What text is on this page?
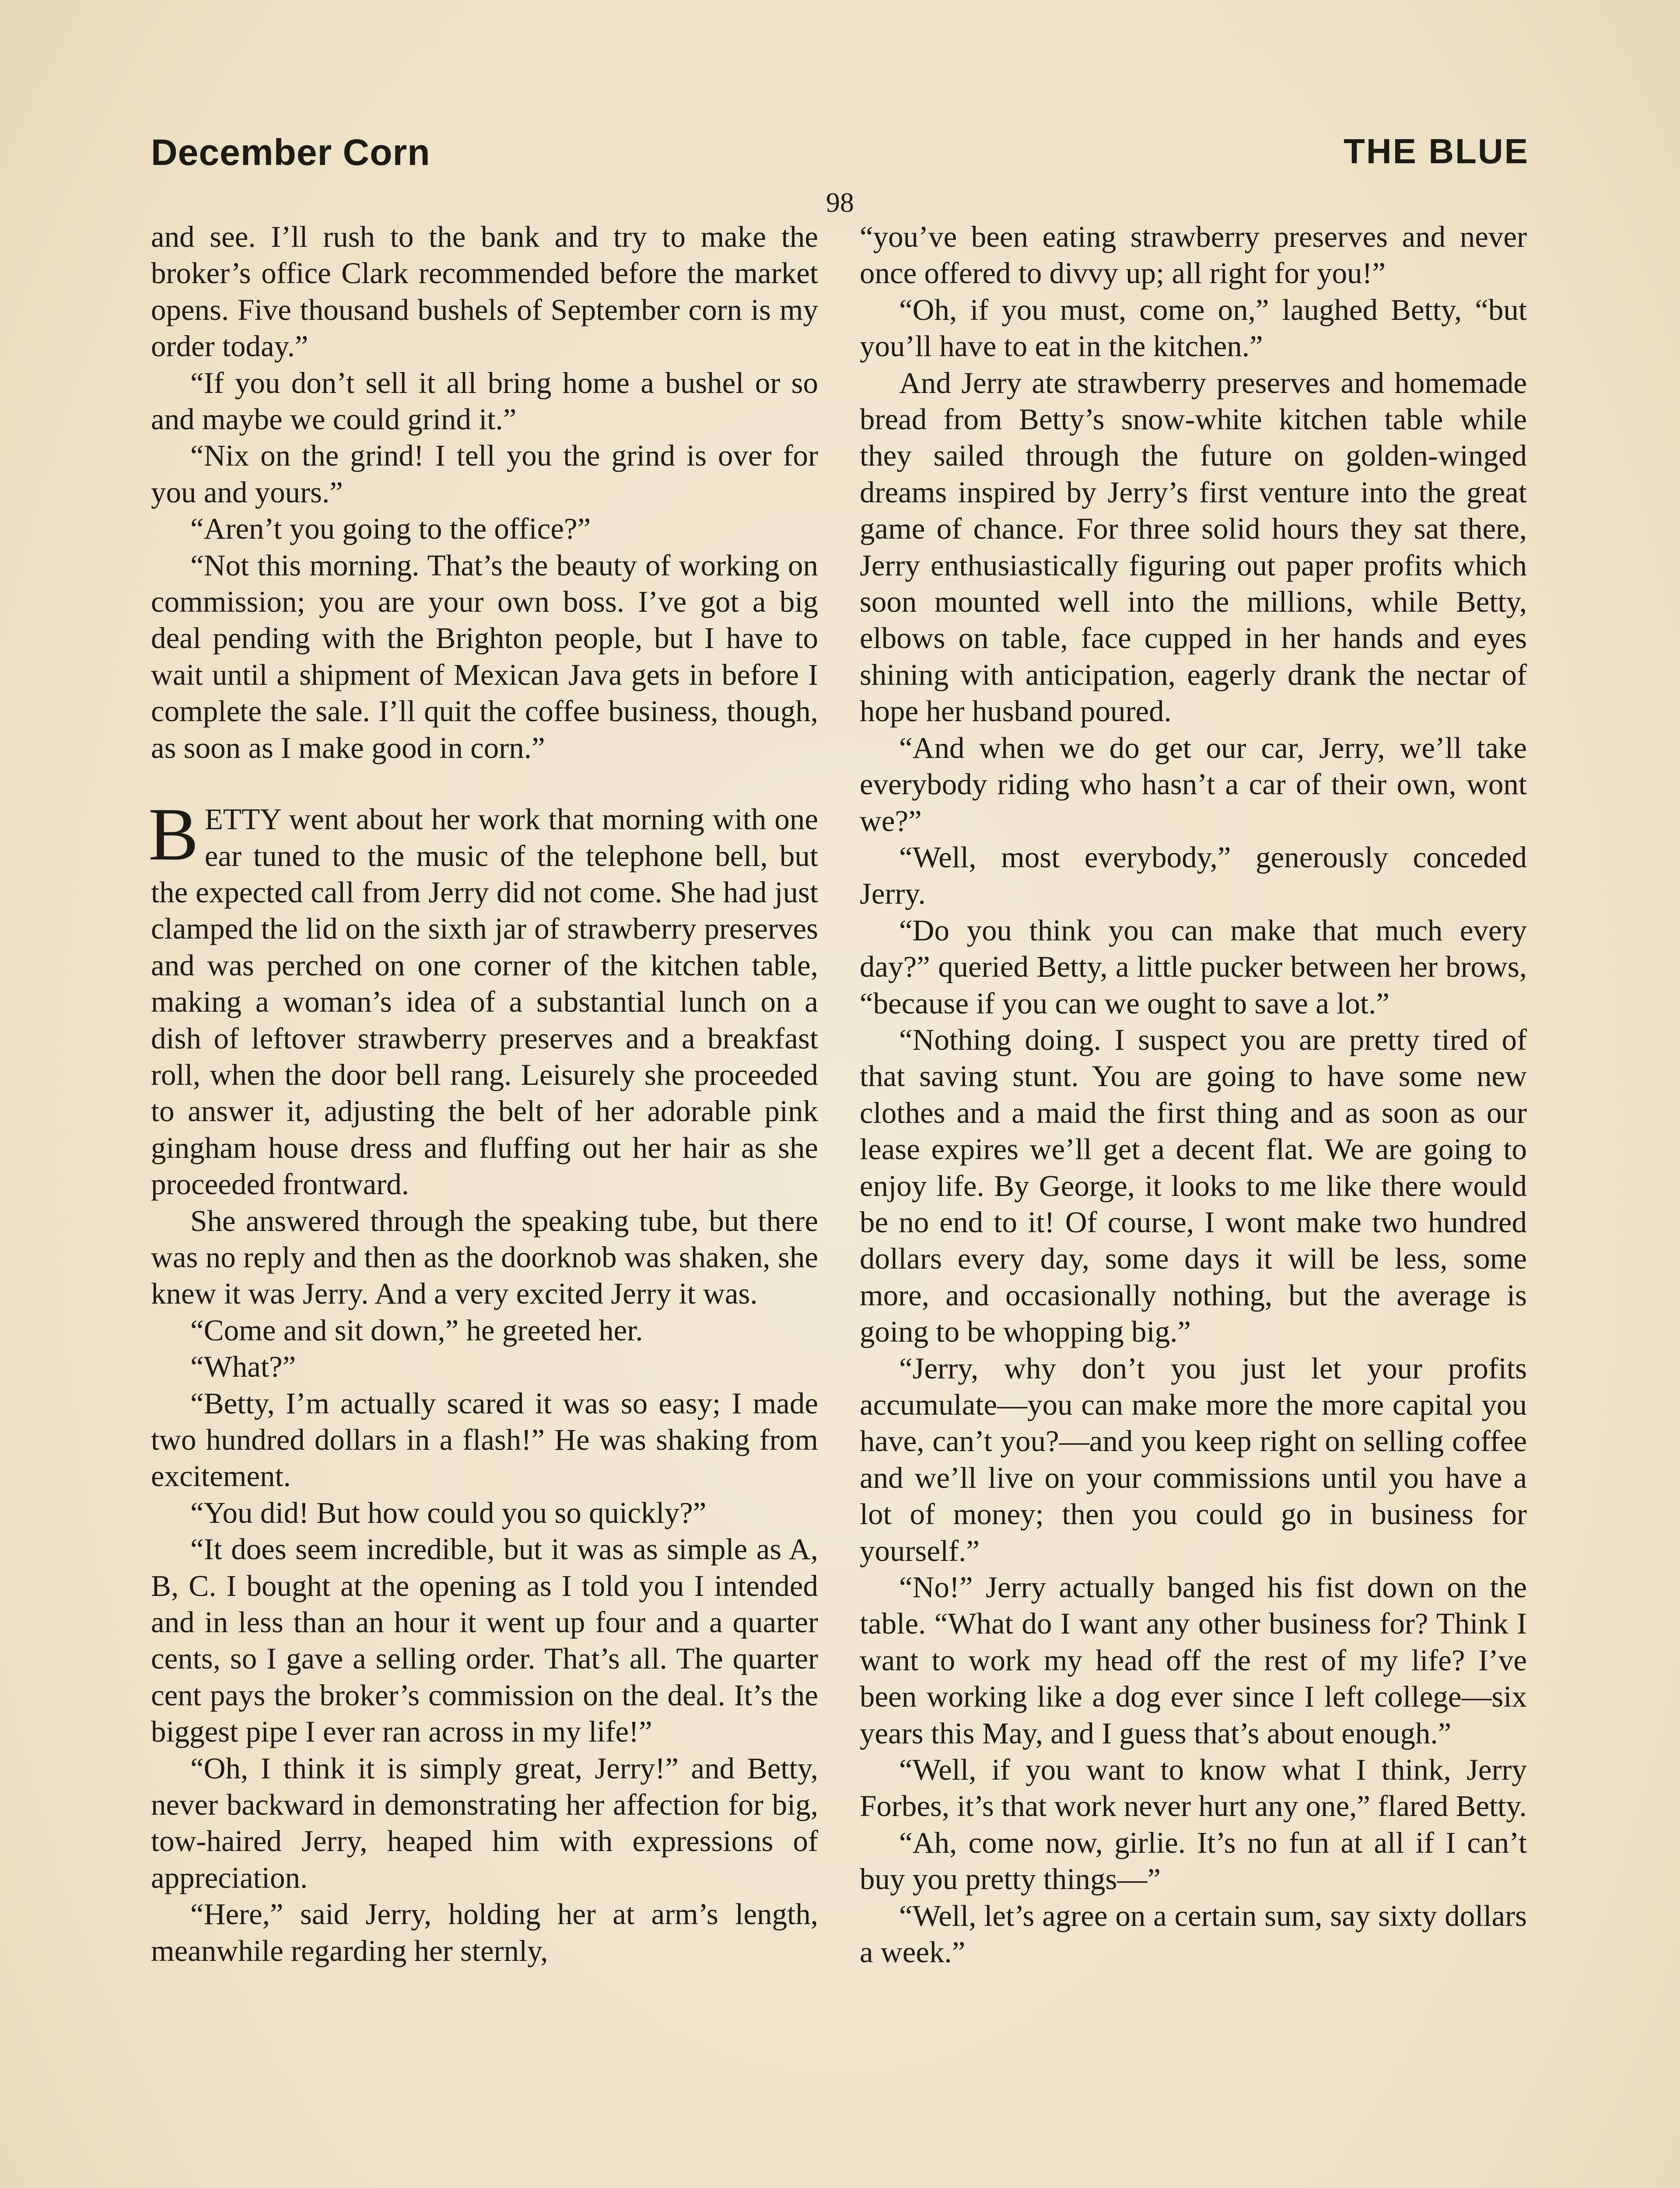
December Corn	THE BLUE
98

and see. I’ll rush to the bank and try to make the broker’s office Clark recommended before the market opens. Five thousand bushels of September corn is my order today.”

“If you don’t sell it all bring home a bushel or so and maybe we could grind it.”

“Nix on the grind! I tell you the grind is over for you and yours.”

“Aren’t you going to the office?”

“Not this morning. That’s the beauty of working on commission; you are your own boss. I’ve got a big deal pending with the Brighton people, but I have to wait until a shipment of Mexican Java gets in before I complete the sale. I’ll quit the coffee business, though, as soon as I make good in corn.”

BETTY went about her work that morning with one ear tuned to the music of the telephone bell, but the expected call from Jerry did not come. She had just clamped the lid on the sixth jar of strawberry preserves and was perched on one corner of the kitchen table, making a woman’s idea of a substantial lunch on a dish of leftover strawberry preserves and a breakfast roll, when the door bell rang. Leisurely she proceeded to answer it, adjusting the belt of her adorable pink gingham house dress and fluffing out her hair as she proceeded frontward.

She answered through the speaking tube, but there was no reply and then as the doorknob was shaken, she knew it was Jerry. And a very excited Jerry it was.

“Come and sit down,” he greeted her.

“What?”

“Betty, I’m actually scared it was so easy; I made two hundred dollars in a flash!” He was shaking from excitement.

“You did! But how could you so quickly?”

“It does seem incredible, but it was as simple as A, B, C. I bought at the opening as I told you I intended and in less than an hour it went up four and a quarter cents, so I gave a selling order. That’s all. The quarter cent pays the broker’s commission on the deal. It’s the biggest pipe I ever ran across in my life!”

“Oh, I think it is simply great, Jerry!” and Betty, never backward in demonstrating her affection for big, tow-haired Jerry, heaped him with expressions of appreciation.

“Here,” said Jerry, holding her at arm’s length, meanwhile regarding her sternly,

“you’ve been eating strawberry preserves and never once offered to divvy up; all right for you!”

“Oh, if you must, come on,” laughed Betty, “but you’ll have to eat in the kitchen.”

And Jerry ate strawberry preserves and homemade bread from Betty’s snow-white kitchen table while they sailed through the future on golden-winged dreams inspired by Jerry’s first venture into the great game of chance. For three solid hours they sat there, Jerry enthusiastically figuring out paper profits which soon mounted well into the millions, while Betty, elbows on table, face cupped in her hands and eyes shining with anticipation, eagerly drank the nectar of hope her husband poured.

“And when we do get our car, Jerry, we’ll take everybody riding who hasn’t a car of their own, wont we?”

“Well, most everybody,” generously conceded Jerry.

“Do you think you can make that much every day?” queried Betty, a little pucker between her brows, “because if you can we ought to save a lot.”

“Nothing doing. I suspect you are pretty tired of that saving stunt. You are going to have some new clothes and a maid the first thing and as soon as our lease expires we’ll get a decent flat. We are going to enjoy life. By George, it looks to me like there would be no end to it! Of course, I wont make two hundred dollars every day, some days it will be less, some more, and occasionally nothing, but the average is going to be whopping big.”

“Jerry, why don’t you just let your profits accumulate—you can make more the more capital you have, can’t you?—and you keep right on selling coffee and we’ll live on your commissions until you have a lot of money; then you could go in business for yourself.”

“No!” Jerry actually banged his fist down on the table. “What do I want any other business for? Think I want to work my head off the rest of my life? I’ve been working like a dog ever since I left college—six years this May, and I guess that’s about enough.”

“Well, if you want to know what I think, Jerry Forbes, it’s that work never hurt any one,” flared Betty.

“Ah, come now, girlie. It’s no fun at all if I can’t buy you pretty things—”

“Well, let’s agree on a certain sum, say sixty dollars a week.”
